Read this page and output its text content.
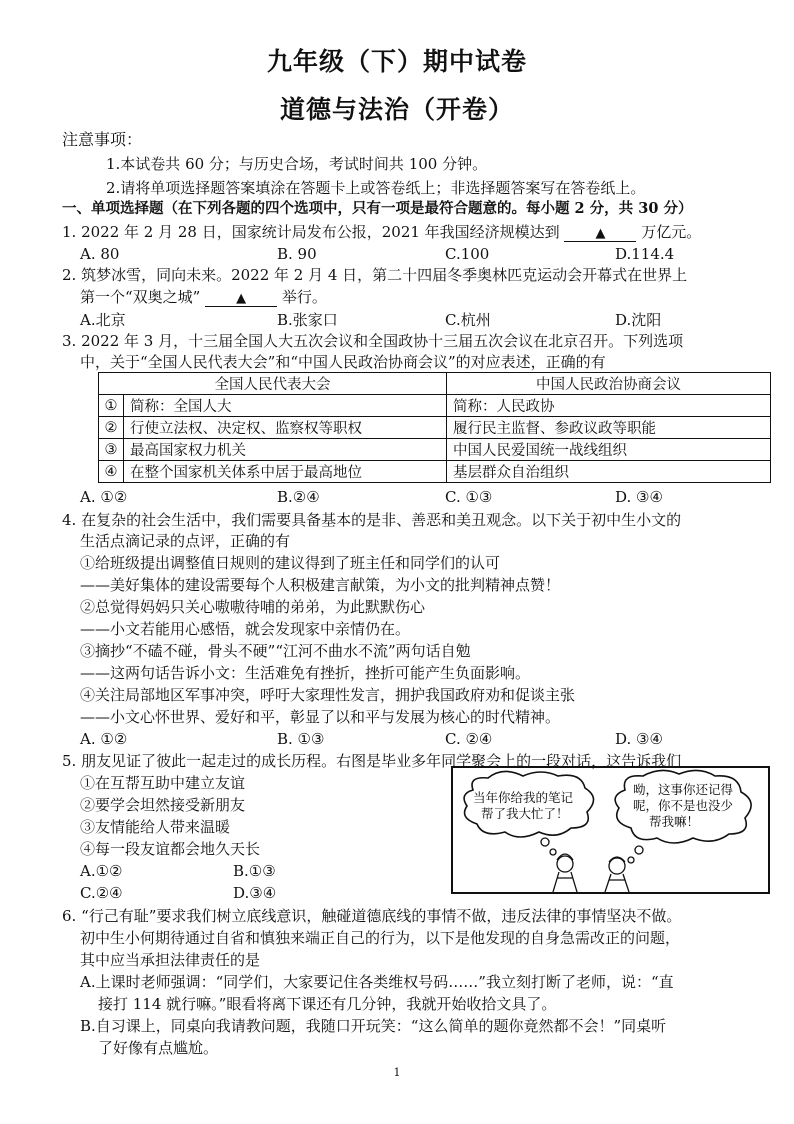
九年级（下）期中试卷
道德与法治（开卷）
注意事项：
1.本试卷共 60 分；与历史合场，考试时间共 100 分钟。
2.请将单项选择题答案填涂在答题卡上或答卷纸上；非选择题答案写在答卷纸上。
一、单项选择题（在下列各题的四个选项中，只有一项是最符合题意的。每小题 2 分，共 30 分）
1. 2022 年 2 月 28 日，国家统计局发布公报，2021 年我国经济规模达到	▲ 万亿元。
A. 80	B. 90	C.100	D.114.4
2. 筑梦冰雪，同向未来。2022 年 2 月 4 日，第二十四届冬季奥林匹克运动会开幕式在世界上
第一个“双奥之城”	▲ 举行。
A.北京	B.张家口	C.杭州	D.沈阳
3. 2022 年 3 月，十三届全国人大五次会议和全国政协十三届五次会议在北京召开。下列选项
中，关于“全国人民代表大会”和“中国人民政治协商会议”的对应表述，正确的有
全国人民代表大会		中国人民政治协商会议
①	简称：全国人大	简称：人民政协
②	行使立法权、决定权、监察权等职权	履行民主监督、参政议政等职能
③	最高国家权力机关	中国人民爱国统一战线组织
④	在整个国家机关体系中居于最高地位	基层群众自治组织
A. ①②	B.②④	C. ①③	D. ③④
4. 在复杂的社会生活中，我们需要具备基本的是非、善恶和美丑观念。以下关于初中生小文的
生活点滴记录的点评，正确的有
①给班级提出调整值日规则的建议得到了班主任和同学们的认可
——美好集体的建设需要每个人积极建言献策，为小文的批判精神点赞！
②总觉得妈妈只关心嗷嗷待哺的弟弟，为此默默伤心
——小文若能用心感悟，就会发现家中亲情仍在。
③摘抄“不磕不碰，骨头不硬”“江河不曲水不流”两句话自勉
——这两句话告诉小文：生活难免有挫折，挫折可能产生负面影响。
④关注局部地区军事冲突，呼吁大家理性发言，拥护我国政府劝和促谈主张
——小文心怀世界、爱好和平，彰显了以和平与发展为核心的时代精神。
A. ①②	B. ①③	C. ②④	D. ③④
5. 朋友见证了彼此一起走过的成长历程。右图是毕业多年同学聚会上的一段对话，这告诉我们
①在互帮互助中建立友谊
②要学会坦然接受新朋友
③友情能给人带来温暖
④每一段友谊都会地久天长
A.①②	B.①③
C.②④	D.③④
当年你给我的笔记
帮了我大忙了！
呦，这事你还记得
呢，你不是也没少
帮我嘛！
6. “行己有耻”要求我们树立底线意识，触碰道德底线的事情不做，违反法律的事情坚决不做。
初中生小何期待通过自省和慎独来端正自己的行为，以下是他发现的自身急需改正的问题，
其中应当承担法律责任的是
A.上课时老师强调：“同学们，大家要记住各类维权号码……”我立刻打断了老师，说：“直
接打 114 就行嘛。”眼看将离下课还有几分钟，我就开始收拾文具了。
B.自习课上，同桌向我请教问题，我随口开玩笑：“这么简单的题你竟然都不会！”同桌听
了好像有点尴尬。
1
